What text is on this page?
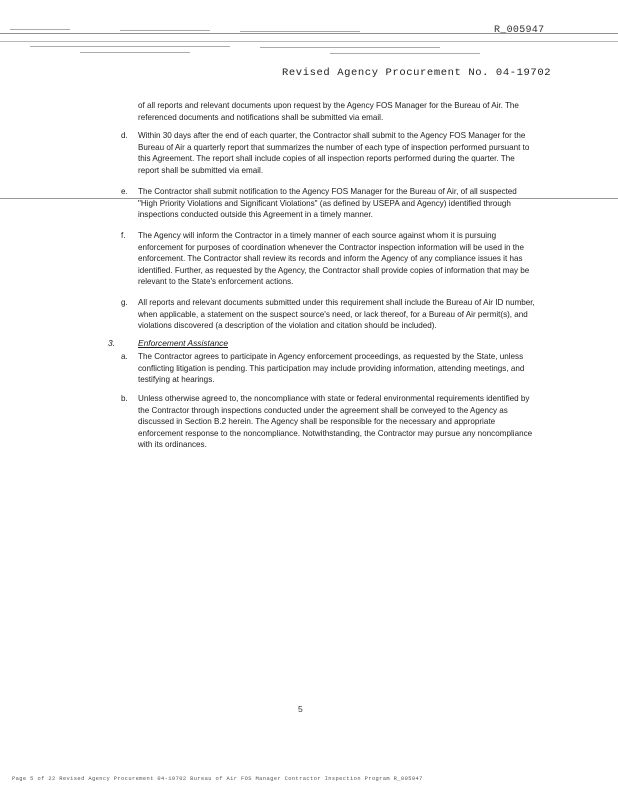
R_005947
Revised Agency Procurement No. 04-19702
of all reports and relevant documents upon request by the Agency FOS Manager for the Bureau of Air. The referenced documents and notifications shall be submitted via email.
d. Within 30 days after the end of each quarter, the Contractor shall submit to the Agency FOS Manager for the Bureau of Air a quarterly report that summarizes the number of each type of inspection performed pursuant to this Agreement. The report shall include copies of all inspection reports performed during the quarter. The report shall be submitted via email.
e. The Contractor shall submit notification to the Agency FOS Manager for the Bureau of Air, of all suspected "High Priority Violations and Significant Violations" (as defined by USEPA and Agency) identified through inspections conducted outside this Agreement in a timely manner.
f. The Agency will inform the Contractor in a timely manner of each source against whom it is pursuing enforcement for purposes of coordination whenever the Contractor inspection information will be used in the enforcement. The Contractor shall review its records and inform the Agency of any compliance issues it has identified. Further, as requested by the Agency, the Contractor shall provide copies of information that may be relevant to the State's enforcement actions.
g. All reports and relevant documents submitted under this requirement shall include the Bureau of Air ID number, when applicable, a statement on the suspect source's need, or lack thereof, for a Bureau of Air permit(s), and violations discovered (a description of the violation and citation should be included).
3.	Enforcement Assistance
a. The Contractor agrees to participate in Agency enforcement proceedings, as requested by the State, unless conflicting litigation is pending. This participation may include providing information, attending meetings, and testifying at hearings.
b. Unless otherwise agreed to, the noncompliance with state or federal environmental requirements identified by the Contractor through inspections conducted under the agreement shall be conveyed to the Agency as discussed in Section B.2 herein. The Agency shall be responsible for the necessary and appropriate enforcement response to the noncompliance. Notwithstanding, the Contractor may pursue any noncompliance with its ordinances.
5
Page 5 of 22 Revised Agency Procurement 04-19702 Bureau of Air FOS Manager Contractor Inspection Program R_005947
